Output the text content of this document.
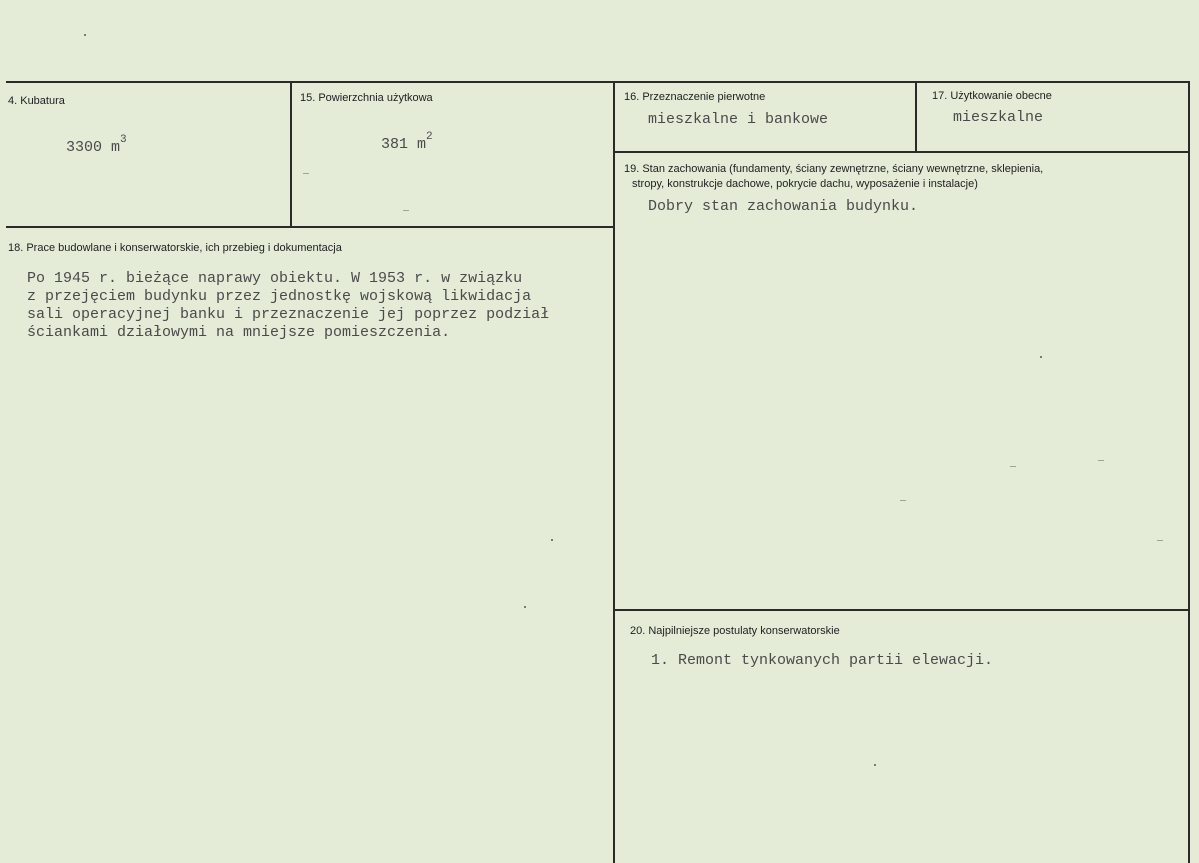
4. Kubatura
3300 $m^3$
15. Powierzchnia użytkowa
381 $m^2$
16. Przeznaczenie pierwotne
mieszkalne i bankowe
17. Użytkowanie obecne
mieszkalne
18. Prace budowlane i konserwatorskie, ich przebieg i dokumentacja
Po 1945 r. bieżące naprawy obiektu. W 1953 r. w związku
z przejęciem budynku przez jednostkę wojskową likwidacja
sali operacyjnej banku i przeznaczenie jej poprzez podział
ściankami działowymi na mniejsze pomieszczenia.
19. Stan zachowania (fundamenty, ściany zewnętrzne, ściany wewnętrzne, sklepienia,
stropy, konstrukcje dachowe, pokrycie dachu, wyposażenie i instalacje)
Dobry stan zachowania budynku.
20. Najpilniejsze postulaty konserwatorskie
1. Remont tynkowanych partii elewacji.
